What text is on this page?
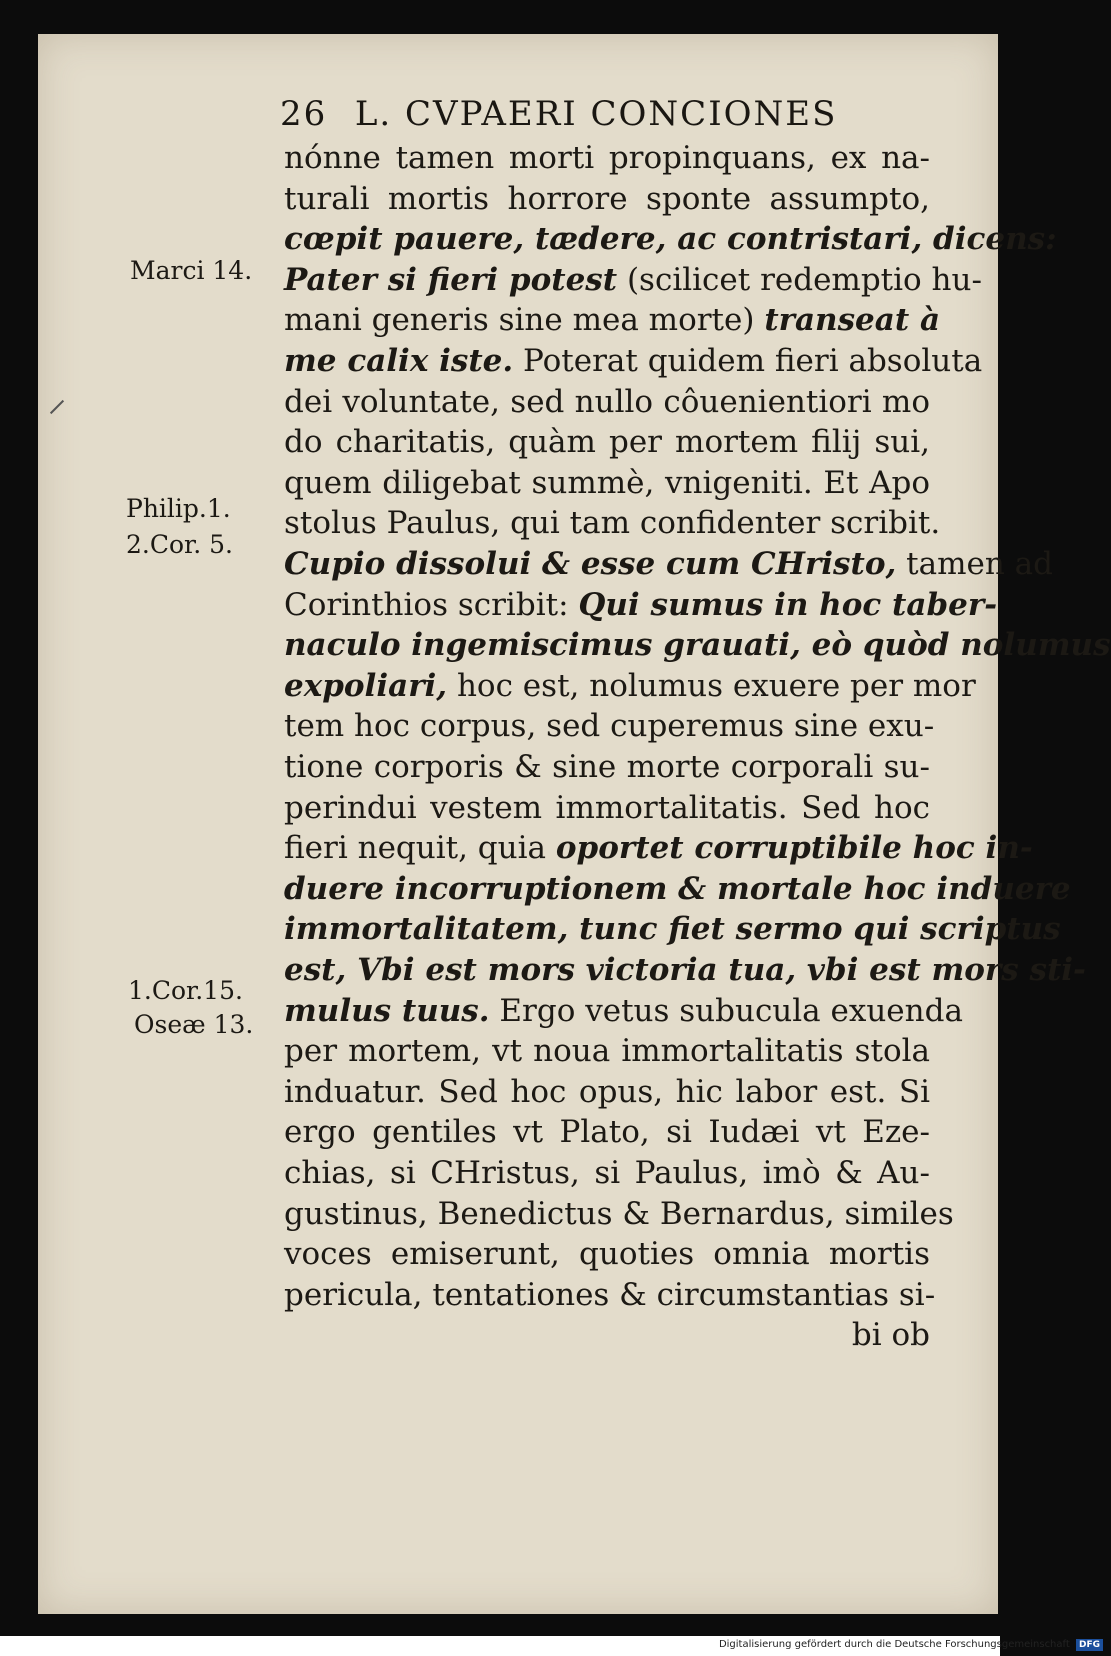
26 L. CVPAERI CONCIONES
nónne tamen morti propinquans, ex na-
turali mortis horrore sponte assumpto,
cœpit pauere, tædere, ac contristari, dicens:
Pater si fieri potest (scilicet redemptio hu-
mani generis sine mea morte) transeat à
me calix iste. Poterat quidem fieri absoluta
dei voluntate, sed nullo côuenientiori mo
do charitatis, quàm per mortem filij sui,
quem diligebat summè, vnigeniti. Et Apo
stolus Paulus, qui tam confidenter scribit.
Cupio dissolui & esse cum CHristo, tamen ad
Corinthios scribit: Qui sumus in hoc taber-
naculo ingemiscimus grauati, eò quòd nolumus
expoliari, hoc est, nolumus exuere per mor
tem hoc corpus, sed cuperemus sine exu-
tione corporis & sine morte corporali su-
perindui vestem immortalitatis. Sed hoc
fieri nequit, quia oportet corruptibile hoc in-
duere incorruptionem & mortale hoc induere
immortalitatem, tunc fiet sermo qui scriptus
est, Vbi est mors victoria tua, vbi est mors sti-
mulus tuus. Ergo vetus subucula exuenda
per mortem, vt noua immortalitatis stola
induatur. Sed hoc opus, hic labor est. Si
ergo gentiles vt Plato, si Iudæi vt Eze-
chias, si CHristus, si Paulus, imò & Au-
gustinus, Benedictus & Bernardus, similes
voces emiserunt, quoties omnia mortis
pericula, tentationes & circumstantias si-
bi ob
Marci 14.
Philip.1.
2.Cor. 5.
1.Cor.15.
Oseæ 13.
Digitalisierung gefördert durch die Deutsche Forschungsgemeinschaft DFG
